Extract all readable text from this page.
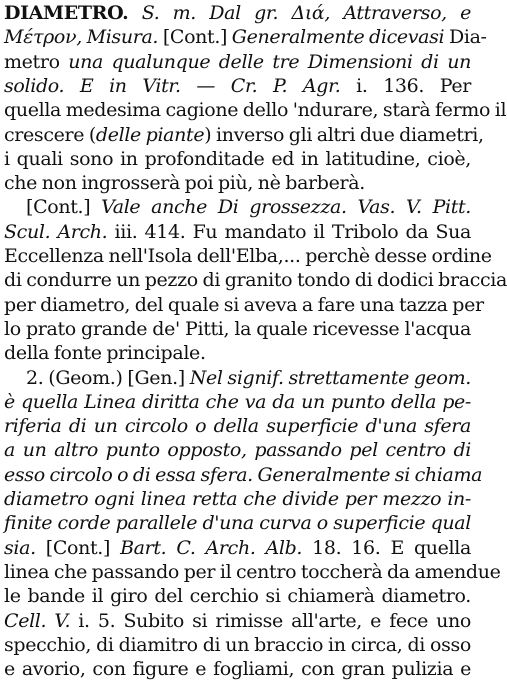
DIAMETRO. S. m. Dal gr. Διά, Attraverso, e
Μέτρον, Misura. [Cont.] Generalmente dicevasi Dia-
metro una qualunque delle tre Dimensioni di un
solido. E in Vitr. — Cr. P. Agr. i. 136. Per
quella medesima cagione dello 'ndurare, starà fermo il
crescere (delle piante) inverso gli altri due diametri,
i quali sono in profonditade ed in latitudine, cioè,
che non ingrosserà poi più, nè barberà.
[Cont.] Vale anche Di grossezza. Vas. V. Pitt.
Scul. Arch. iii. 414. Fu mandato il Tribolo da Sua
Eccellenza nell'Isola dell'Elba,... perchè desse ordine
di condurre un pezzo di granito tondo di dodici braccia
per diametro, del quale si aveva a fare una tazza per
lo prato grande de' Pitti, la quale ricevesse l'acqua
della fonte principale.
2. (Geom.) [Gen.] Nel signif. strettamente geom.
è quella Linea diritta che va da un punto della pe-
riferia di un circolo o della superficie d'una sfera
a un altro punto opposto, passando pel centro di
esso circolo o di essa sfera. Generalmente si chiama
diametro ogni linea retta che divide per mezzo in-
finite corde parallele d'una curva o superficie qual
sia. [Cont.] Bart. C. Arch. Alb. 18. 16. E quella
linea che passando per il centro toccherà da amendue
le bande il giro del cerchio si chiamerà diametro.
Cell. V. i. 5. Subito si rimisse all'arte, e fece uno
specchio, di diamitro di un braccio in circa, di osso
e avorio, con figure e fogliami, con gran pulizia e
